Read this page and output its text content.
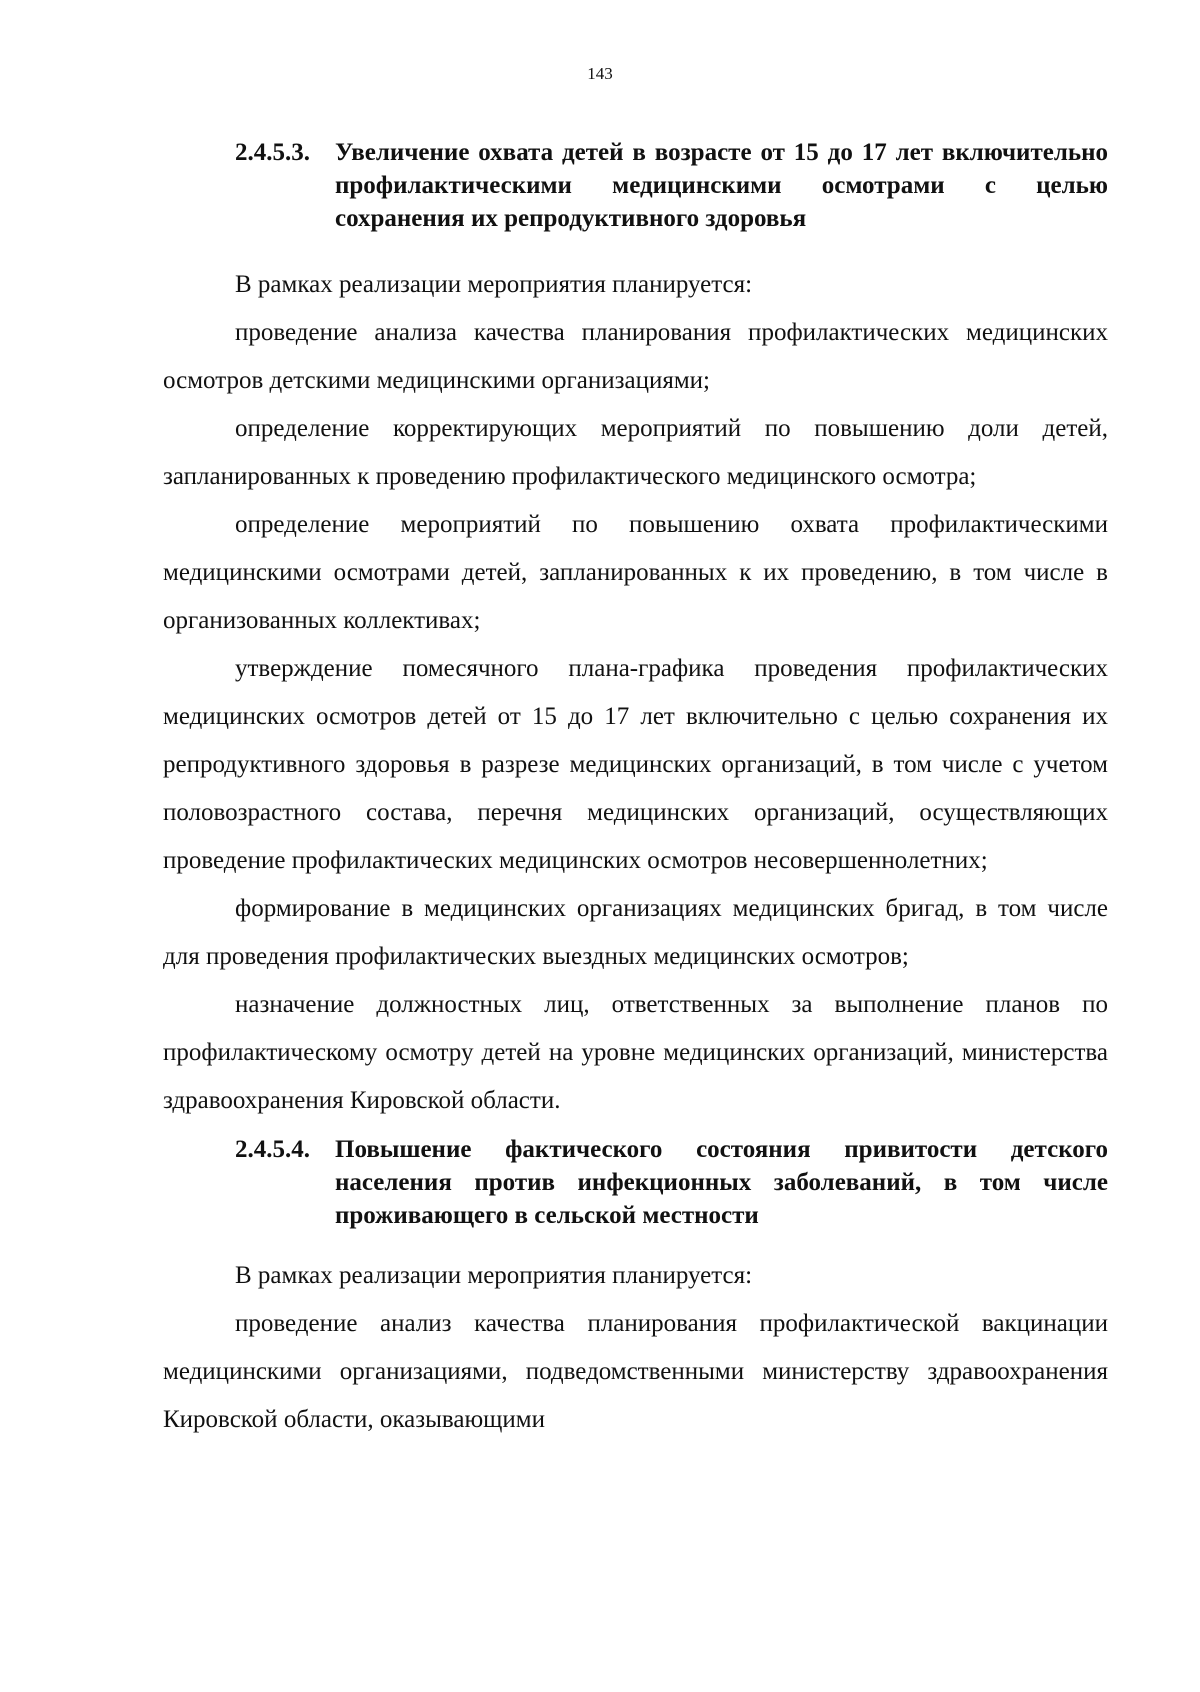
143
2.4.5.3.	Увеличение охвата детей в возрасте от 15 до 17 лет включительно профилактическими медицинскими осмотрами с целью сохранения их репродуктивного здоровья

В рамках реализации мероприятия планируется:

проведение анализа качества планирования профилактических медицинских осмотров детскими медицинскими организациями;

определение корректирующих мероприятий по повышению доли детей, запланированных к проведению профилактического медицинского осмотра;

определение мероприятий по повышению охвата профилактическими медицинскими осмотрами детей, запланированных к их проведению, в том числе в организованных коллективах;

утверждение помесячного плана-графика проведения профилактических медицинских осмотров детей от 15 до 17 лет включительно с целью сохранения их репродуктивного здоровья в разрезе медицинских организаций, в том числе с учетом половозрастного состава, перечня медицинских организаций, осуществляющих проведение профилактических медицинских осмотров несовершеннолетних;

формирование в медицинских организациях медицинских бригад, в том числе для проведения профилактических выездных медицинских осмотров;

назначение должностных лиц, ответственных за выполнение планов по профилактическому осмотру детей на уровне медицинских организаций, министерства здравоохранения Кировской области.

2.4.5.4.	Повышение фактического состояния привитости детского населения против инфекционных заболеваний, в том числе проживающего в сельской местности

В рамках реализации мероприятия планируется:

проведение анализ качества планирования профилактической вакцинации медицинскими организациями, подведомственными министерству здравоохранения Кировской области, оказывающими
